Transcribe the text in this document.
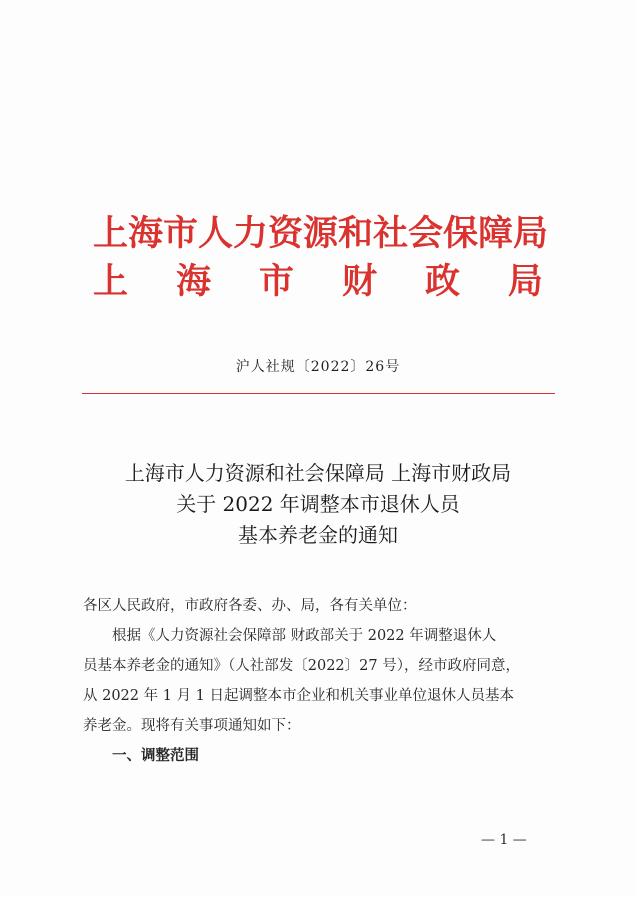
上海市人力资源和社会保障局
上 海 市 财 政 局
沪人社规〔2022〕26号
上海市人力资源和社会保障局 上海市财政局
关于 2022 年调整本市退休人员
基本养老金的通知
各区人民政府，市政府各委、办、局，各有关单位：
根据《人力资源社会保障部 财政部关于 2022 年调整退休人
员基本养老金的通知》（人社部发〔2022〕27 号），经市政府同意，
从 2022 年 1 月 1 日起调整本市企业和机关事业单位退休人员基本
养老金。现将有关事项通知如下：
一、调整范围
— 1 —
